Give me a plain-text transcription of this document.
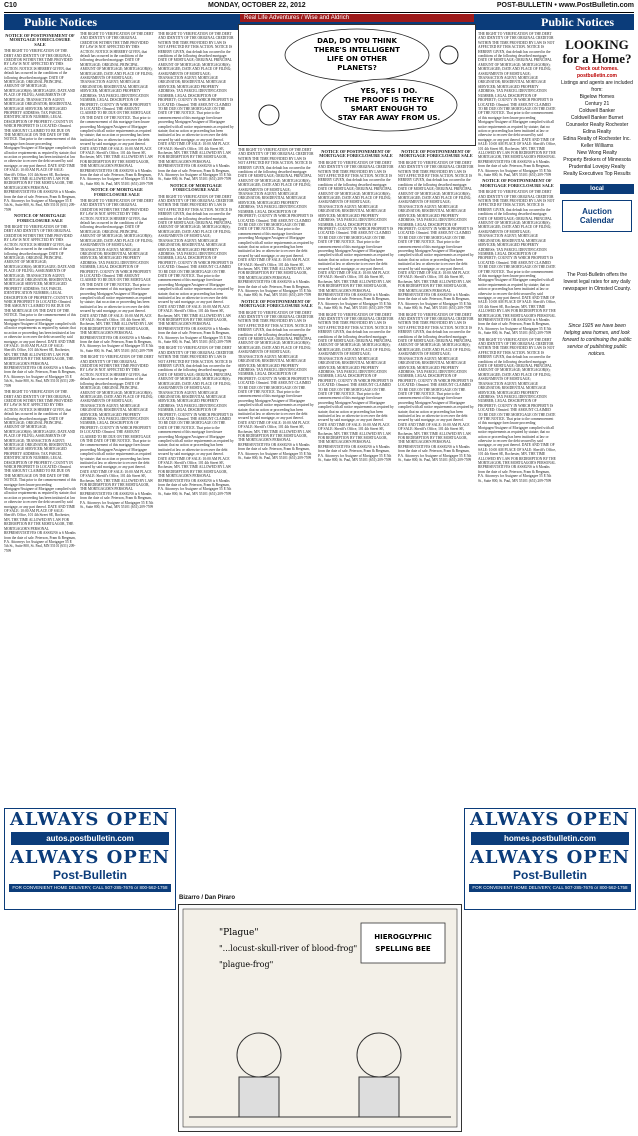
C10	MONDAY, OCTOBER 22, 2012	POST-BULLETIN • www.PostBulletin.com
Public Notices	Public Notices
Real Life Adventures / Wise and Aldrich
DAD, DO YOU THINK
THERE'S INTELLIGENT
LIFE ON OTHER
PLANETS?
YES, YES I DO.
THE PROOF IS THEY'RE
SMART ENOUGH TO
STAY FAR AWAY FROM US.
NOTICE OF POSTPONEMENT OF MORTGAGE FORECLOSURE SALE
THE RIGHT TO VERIFICATION OF THE DEBT AND IDENTITY OF THE ORIGINAL CREDITOR WITHIN THE TIME PROVIDED BY LAW IS NOT AFFECTED BY THIS ACTION. NOTICE IS HEREBY GIVEN, that default has occurred in the conditions of the following described mortgage: DATE OF MORTGAGE; ORIGINAL PRINCIPAL AMOUNT OF MORTGAGE; MORTGAGOR(S); MORTGAGEE; DATE AND PLACE OF FILING; ASSIGNMENTS OF MORTGAGE; TRANSACTION AGENT; MORTGAGE ORIGINATOR; RESIDENTIAL MORTGAGE SERVICER; MORTGAGED PROPERTY ADDRESS; TAX PARCEL IDENTIFICATION NUMBER; LEGAL DESCRIPTION OF PROPERTY; COUNTY IN WHICH PROPERTY IS LOCATED: Olmsted. THE AMOUNT CLAIMED TO BE DUE ON THE MORTGAGE ON THE DATE OF THE NOTICE. That prior to the commencement of this mortgage foreclosure proceeding Mortgagee/Assignee of Mortgagee complied with all notice requirements as required by statute; that no action or proceeding has been instituted at law or otherwise to recover the debt secured by said mortgage, or any part thereof. DATE AND TIME OF SALE: 10:00 AM PLACE OF SALE: Sheriff's Office, 101 4th Street SE, Rochester, MN. THE TIME ALLOWED BY LAW FOR REDEMPTION BY THE MORTGAGOR, THE MORTGAGOR'S PERSONAL REPRESENTATIVES OR ASSIGNS is 6 Months from the date of sale. Peterson, Fram & Bergman, P.A. Attorneys for Assignee of Mortgagee 55 E 5th St., Suite 800, St. Paul, MN 55101 (651) 209-7599
NOTICE OF MORTGAGE FORECLOSURE SALE
THE RIGHT TO VERIFICATION OF THE DEBT AND IDENTITY OF THE ORIGINAL CREDITOR WITHIN THE TIME PROVIDED BY LAW IS NOT AFFECTED BY THIS ACTION. NOTICE IS HEREBY GIVEN, that default has occurred in the conditions of the following described mortgage: DATE OF MORTGAGE; ORIGINAL PRINCIPAL AMOUNT OF MORTGAGE; MORTGAGOR(S); MORTGAGEE; DATE AND PLACE OF FILING; ASSIGNMENTS OF MORTGAGE; TRANSACTION AGENT; MORTGAGE ORIGINATOR; RESIDENTIAL MORTGAGE SERVICER; MORTGAGED PROPERTY ADDRESS; TAX PARCEL IDENTIFICATION NUMBER; LEGAL DESCRIPTION OF PROPERTY; COUNTY IN WHICH PROPERTY IS LOCATED: Olmsted. THE AMOUNT CLAIMED TO BE DUE ON THE MORTGAGE ON THE DATE OF THE NOTICE. That prior to the commencement of this mortgage foreclosure proceeding Mortgagee/Assignee of Mortgagee complied with all notice requirements as required by statute; that no action or proceeding has been instituted at law or otherwise to recover the debt secured by said mortgage, or any part thereof. DATE AND TIME OF SALE: 10:00 AM PLACE OF SALE: Sheriff's Office, 101 4th Street SE, Rochester, MN. THE TIME ALLOWED BY LAW FOR REDEMPTION BY THE MORTGAGOR, THE MORTGAGOR'S PERSONAL REPRESENTATIVES OR ASSIGNS is 6 Months from the date of sale. Peterson, Fram & Bergman, P.A. Attorneys for Assignee of Mortgagee 55 E 5th St., Suite 800, St. Paul, MN 55101 (651) 209-7599
THE RIGHT TO VERIFICATION OF THE DEBT AND IDENTITY OF THE ORIGINAL CREDITOR WITHIN THE TIME PROVIDED BY LAW IS NOT AFFECTED BY THIS ACTION. NOTICE IS HEREBY GIVEN, that default has occurred in the conditions of the following described mortgage: DATE OF MORTGAGE; ORIGINAL PRINCIPAL AMOUNT OF MORTGAGE; MORTGAGOR(S); MORTGAGEE; DATE AND PLACE OF FILING; ASSIGNMENTS OF MORTGAGE; TRANSACTION AGENT; MORTGAGE ORIGINATOR; RESIDENTIAL MORTGAGE SERVICER; MORTGAGED PROPERTY ADDRESS; TAX PARCEL IDENTIFICATION NUMBER; LEGAL DESCRIPTION OF PROPERTY; COUNTY IN WHICH PROPERTY IS LOCATED: Olmsted. THE AMOUNT CLAIMED TO BE DUE ON THE MORTGAGE ON THE DATE OF THE NOTICE. That prior to the commencement of this mortgage foreclosure proceeding Mortgagee/Assignee of Mortgagee complied with all notice requirements as required by statute; that no action or proceeding has been instituted at law or otherwise to recover the debt secured by said mortgage, or any part thereof. DATE AND TIME OF SALE: 10:00 AM PLACE OF SALE: Sheriff's Office, 101 4th Street SE, Rochester, MN. THE TIME ALLOWED BY LAW FOR REDEMPTION BY THE MORTGAGOR, THE MORTGAGOR'S PERSONAL REPRESENTATIVES OR ASSIGNS is 6 Months from the date of sale. Peterson, Fram & Bergman, P.A. Attorneys for Assignee of Mortgagee 55 E 5th St., Suite 800, St. Paul, MN 55101 (651) 209-7599
THE RIGHT TO VERIFICATION OF THE DEBT AND IDENTITY OF THE ORIGINAL CREDITOR WITHIN THE TIME PROVIDED BY LAW IS NOT AFFECTED BY THIS ACTION. NOTICE IS HEREBY GIVEN, that default has occurred in the conditions of the following described mortgage: DATE OF MORTGAGE; ORIGINAL PRINCIPAL AMOUNT OF MORTGAGE; MORTGAGOR(S); MORTGAGEE; DATE AND PLACE OF FILING; ASSIGNMENTS OF MORTGAGE; TRANSACTION AGENT; MORTGAGE ORIGINATOR; RESIDENTIAL MORTGAGE SERVICER; MORTGAGED PROPERTY ADDRESS; TAX PARCEL IDENTIFICATION NUMBER; LEGAL DESCRIPTION OF PROPERTY; COUNTY IN WHICH PROPERTY IS LOCATED: Olmsted. THE AMOUNT CLAIMED TO BE DUE ON THE MORTGAGE ON THE DATE OF THE NOTICE. That prior to the commencement of this mortgage foreclosure proceeding Mortgagee/Assignee of Mortgagee complied with all notice requirements as required by statute; that no action or proceeding has been instituted at law or otherwise to recover the debt secured by said mortgage, or any part thereof. DATE AND TIME OF SALE: 10:00 AM PLACE OF SALE: Sheriff's Office, 101 4th Street SE, Rochester, MN. THE TIME ALLOWED BY LAW FOR REDEMPTION BY THE MORTGAGOR, THE MORTGAGOR'S PERSONAL REPRESENTATIVES OR ASSIGNS is 6 Months from the date of sale. Peterson, Fram & Bergman, P.A. Attorneys for Assignee of Mortgagee 55 E 5th St., Suite 800, St. Paul, MN 55101 (651) 209-7599
NOTICE OF MORTGAGE FORECLOSURE SALE
THE RIGHT TO VERIFICATION OF THE DEBT AND IDENTITY OF THE ORIGINAL CREDITOR WITHIN THE TIME PROVIDED BY LAW IS NOT AFFECTED BY THIS ACTION. NOTICE IS HEREBY GIVEN, that default has occurred in the conditions of the following described mortgage: DATE OF MORTGAGE; ORIGINAL PRINCIPAL AMOUNT OF MORTGAGE; MORTGAGOR(S); MORTGAGEE; DATE AND PLACE OF FILING; ASSIGNMENTS OF MORTGAGE; TRANSACTION AGENT; MORTGAGE ORIGINATOR; RESIDENTIAL MORTGAGE SERVICER; MORTGAGED PROPERTY ADDRESS; TAX PARCEL IDENTIFICATION NUMBER; LEGAL DESCRIPTION OF PROPERTY; COUNTY IN WHICH PROPERTY IS LOCATED: Olmsted. THE AMOUNT CLAIMED TO BE DUE ON THE MORTGAGE ON THE DATE OF THE NOTICE. That prior to the commencement of this mortgage foreclosure proceeding Mortgagee/Assignee of Mortgagee complied with all notice requirements as required by statute; that no action or proceeding has been instituted at law or otherwise to recover the debt secured by said mortgage, or any part thereof. DATE AND TIME OF SALE: 10:00 AM PLACE OF SALE: Sheriff's Office, 101 4th Street SE, Rochester, MN. THE TIME ALLOWED BY LAW FOR REDEMPTION BY THE MORTGAGOR, THE MORTGAGOR'S PERSONAL REPRESENTATIVES OR ASSIGNS is 6 Months from the date of sale. Peterson, Fram & Bergman, P.A. Attorneys for Assignee of Mortgagee 55 E 5th St., Suite 800, St. Paul, MN 55101 (651) 209-7599
THE RIGHT TO VERIFICATION OF THE DEBT AND IDENTITY OF THE ORIGINAL CREDITOR WITHIN THE TIME PROVIDED BY LAW IS NOT AFFECTED BY THIS ACTION. NOTICE IS HEREBY GIVEN, that default has occurred in the conditions of the following described mortgage: DATE OF MORTGAGE; ORIGINAL PRINCIPAL AMOUNT OF MORTGAGE; MORTGAGOR(S); MORTGAGEE; DATE AND PLACE OF FILING; ASSIGNMENTS OF MORTGAGE; TRANSACTION AGENT; MORTGAGE ORIGINATOR; RESIDENTIAL MORTGAGE SERVICER; MORTGAGED PROPERTY ADDRESS; TAX PARCEL IDENTIFICATION NUMBER; LEGAL DESCRIPTION OF PROPERTY; COUNTY IN WHICH PROPERTY IS LOCATED: Olmsted. THE AMOUNT CLAIMED TO BE DUE ON THE MORTGAGE ON THE DATE OF THE NOTICE. That prior to the commencement of this mortgage foreclosure proceeding Mortgagee/Assignee of Mortgagee complied with all notice requirements as required by statute; that no action or proceeding has been instituted at law or otherwise to recover the debt secured by said mortgage, or any part thereof. DATE AND TIME OF SALE: 10:00 AM PLACE OF SALE: Sheriff's Office, 101 4th Street SE, Rochester, MN. THE TIME ALLOWED BY LAW FOR REDEMPTION BY THE MORTGAGOR, THE MORTGAGOR'S PERSONAL REPRESENTATIVES OR ASSIGNS is 6 Months from the date of sale. Peterson, Fram & Bergman, P.A. Attorneys for Assignee of Mortgagee 55 E 5th St., Suite 800, St. Paul, MN 55101 (651) 209-7599
THE RIGHT TO VERIFICATION OF THE DEBT AND IDENTITY OF THE ORIGINAL CREDITOR WITHIN THE TIME PROVIDED BY LAW IS NOT AFFECTED BY THIS ACTION. NOTICE IS HEREBY GIVEN, that default has occurred in the conditions of the following described mortgage: DATE OF MORTGAGE; ORIGINAL PRINCIPAL AMOUNT OF MORTGAGE; MORTGAGOR(S); MORTGAGEE; DATE AND PLACE OF FILING; ASSIGNMENTS OF MORTGAGE; TRANSACTION AGENT; MORTGAGE ORIGINATOR; RESIDENTIAL MORTGAGE SERVICER; MORTGAGED PROPERTY ADDRESS; TAX PARCEL IDENTIFICATION NUMBER; LEGAL DESCRIPTION OF PROPERTY; COUNTY IN WHICH PROPERTY IS LOCATED: Olmsted. THE AMOUNT CLAIMED TO BE DUE ON THE MORTGAGE ON THE DATE OF THE NOTICE. That prior to the commencement of this mortgage foreclosure proceeding Mortgagee/Assignee of Mortgagee complied with all notice requirements as required by statute; that no action or proceeding has been instituted at law or otherwise to recover the debt secured by said mortgage, or any part thereof. DATE AND TIME OF SALE: 10:00 AM PLACE OF SALE: Sheriff's Office, 101 4th Street SE, Rochester, MN. THE TIME ALLOWED BY LAW FOR REDEMPTION BY THE MORTGAGOR, THE MORTGAGOR'S PERSONAL REPRESENTATIVES OR ASSIGNS is 6 Months from the date of sale. Peterson, Fram & Bergman, P.A. Attorneys for Assignee of Mortgagee 55 E 5th St., Suite 800, St. Paul, MN 55101 (651) 209-7599
NOTICE OF MORTGAGE FORECLOSURE SALE
THE RIGHT TO VERIFICATION OF THE DEBT AND IDENTITY OF THE ORIGINAL CREDITOR WITHIN THE TIME PROVIDED BY LAW IS NOT AFFECTED BY THIS ACTION. NOTICE IS HEREBY GIVEN, that default has occurred in the conditions of the following described mortgage: DATE OF MORTGAGE; ORIGINAL PRINCIPAL AMOUNT OF MORTGAGE; MORTGAGOR(S); MORTGAGEE; DATE AND PLACE OF FILING; ASSIGNMENTS OF MORTGAGE; TRANSACTION AGENT; MORTGAGE ORIGINATOR; RESIDENTIAL MORTGAGE SERVICER; MORTGAGED PROPERTY ADDRESS; TAX PARCEL IDENTIFICATION NUMBER; LEGAL DESCRIPTION OF PROPERTY; COUNTY IN WHICH PROPERTY IS LOCATED: Olmsted. THE AMOUNT CLAIMED TO BE DUE ON THE MORTGAGE ON THE DATE OF THE NOTICE. That prior to the commencement of this mortgage foreclosure proceeding Mortgagee/Assignee of Mortgagee complied with all notice requirements as required by statute; that no action or proceeding has been instituted at law or otherwise to recover the debt secured by said mortgage, or any part thereof. DATE AND TIME OF SALE: 10:00 AM PLACE OF SALE: Sheriff's Office, 101 4th Street SE, Rochester, MN. THE TIME ALLOWED BY LAW FOR REDEMPTION BY THE MORTGAGOR, THE MORTGAGOR'S PERSONAL REPRESENTATIVES OR ASSIGNS is 6 Months from the date of sale. Peterson, Fram & Bergman, P.A. Attorneys for Assignee of Mortgagee 55 E 5th St., Suite 800, St. Paul, MN 55101 (651) 209-7599
THE RIGHT TO VERIFICATION OF THE DEBT AND IDENTITY OF THE ORIGINAL CREDITOR WITHIN THE TIME PROVIDED BY LAW IS NOT AFFECTED BY THIS ACTION. NOTICE IS HEREBY GIVEN, that default has occurred in the conditions of the following described mortgage: DATE OF MORTGAGE; ORIGINAL PRINCIPAL AMOUNT OF MORTGAGE; MORTGAGOR(S); MORTGAGEE; DATE AND PLACE OF FILING; ASSIGNMENTS OF MORTGAGE; TRANSACTION AGENT; MORTGAGE ORIGINATOR; RESIDENTIAL MORTGAGE SERVICER; MORTGAGED PROPERTY ADDRESS; TAX PARCEL IDENTIFICATION NUMBER; LEGAL DESCRIPTION OF PROPERTY; COUNTY IN WHICH PROPERTY IS LOCATED: Olmsted. THE AMOUNT CLAIMED TO BE DUE ON THE MORTGAGE ON THE DATE OF THE NOTICE. That prior to the commencement of this mortgage foreclosure proceeding Mortgagee/Assignee of Mortgagee complied with all notice requirements as required by statute; that no action or proceeding has been instituted at law or otherwise to recover the debt secured by said mortgage, or any part thereof. DATE AND TIME OF SALE: 10:00 AM PLACE OF SALE: Sheriff's Office, 101 4th Street SE, Rochester, MN. THE TIME ALLOWED BY LAW FOR REDEMPTION BY THE MORTGAGOR, THE MORTGAGOR'S PERSONAL REPRESENTATIVES OR ASSIGNS is 6 Months from the date of sale. Peterson, Fram & Bergman, P.A. Attorneys for Assignee of Mortgagee 55 E 5th St., Suite 800, St. Paul, MN 55101 (651) 209-7599
THE RIGHT TO VERIFICATION OF THE DEBT AND IDENTITY OF THE ORIGINAL CREDITOR WITHIN THE TIME PROVIDED BY LAW IS NOT AFFECTED BY THIS ACTION. NOTICE IS HEREBY GIVEN, that default has occurred in the conditions of the following described mortgage: DATE OF MORTGAGE; ORIGINAL PRINCIPAL AMOUNT OF MORTGAGE; MORTGAGOR(S); MORTGAGEE; DATE AND PLACE OF FILING; ASSIGNMENTS OF MORTGAGE; TRANSACTION AGENT; MORTGAGE ORIGINATOR; RESIDENTIAL MORTGAGE SERVICER; MORTGAGED PROPERTY ADDRESS; TAX PARCEL IDENTIFICATION NUMBER; LEGAL DESCRIPTION OF PROPERTY; COUNTY IN WHICH PROPERTY IS LOCATED: Olmsted. THE AMOUNT CLAIMED TO BE DUE ON THE MORTGAGE ON THE DATE OF THE NOTICE. That prior to the commencement of this mortgage foreclosure proceeding Mortgagee/Assignee of Mortgagee complied with all notice requirements as required by statute; that no action or proceeding has been instituted at law or otherwise to recover the debt secured by said mortgage, or any part thereof. DATE AND TIME OF SALE: 10:00 AM PLACE OF SALE: Sheriff's Office, 101 4th Street SE, Rochester, MN. THE TIME ALLOWED BY LAW FOR REDEMPTION BY THE MORTGAGOR, THE MORTGAGOR'S PERSONAL REPRESENTATIVES OR ASSIGNS is 6 Months from the date of sale. Peterson, Fram & Bergman, P.A. Attorneys for Assignee of Mortgagee 55 E 5th St., Suite 800, St. Paul, MN 55101 (651) 209-7599
NOTICE OF POSTPONEMENT OF MORTGAGE FORECLOSURE SALE
THE RIGHT TO VERIFICATION OF THE DEBT AND IDENTITY OF THE ORIGINAL CREDITOR WITHIN THE TIME PROVIDED BY LAW IS NOT AFFECTED BY THIS ACTION. NOTICE IS HEREBY GIVEN, that default has occurred in the conditions of the following described mortgage: DATE OF MORTGAGE; ORIGINAL PRINCIPAL AMOUNT OF MORTGAGE; MORTGAGOR(S); MORTGAGEE; DATE AND PLACE OF FILING; ASSIGNMENTS OF MORTGAGE; TRANSACTION AGENT; MORTGAGE ORIGINATOR; RESIDENTIAL MORTGAGE SERVICER; MORTGAGED PROPERTY ADDRESS; TAX PARCEL IDENTIFICATION NUMBER; LEGAL DESCRIPTION OF PROPERTY; COUNTY IN WHICH PROPERTY IS LOCATED: Olmsted. THE AMOUNT CLAIMED TO BE DUE ON THE MORTGAGE ON THE DATE OF THE NOTICE. That prior to the commencement of this mortgage foreclosure proceeding Mortgagee/Assignee of Mortgagee complied with all notice requirements as required by statute; that no action or proceeding has been instituted at law or otherwise to recover the debt secured by said mortgage, or any part thereof. DATE AND TIME OF SALE: 10:00 AM PLACE OF SALE: Sheriff's Office, 101 4th Street SE, Rochester, MN. THE TIME ALLOWED BY LAW FOR REDEMPTION BY THE MORTGAGOR, THE MORTGAGOR'S PERSONAL REPRESENTATIVES OR ASSIGNS is 6 Months from the date of sale. Peterson, Fram & Bergman, P.A. Attorneys for Assignee of Mortgagee 55 E 5th St., Suite 800, St. Paul, MN 55101 (651) 209-7599
NOTICE OF POSTPONEMENT OF MORTGAGE FORECLOSURE SALE
THE RIGHT TO VERIFICATION OF THE DEBT AND IDENTITY OF THE ORIGINAL CREDITOR WITHIN THE TIME PROVIDED BY LAW IS NOT AFFECTED BY THIS ACTION. NOTICE IS HEREBY GIVEN, that default has occurred in the conditions of the following described mortgage: DATE OF MORTGAGE; ORIGINAL PRINCIPAL AMOUNT OF MORTGAGE; MORTGAGOR(S); MORTGAGEE; DATE AND PLACE OF FILING; ASSIGNMENTS OF MORTGAGE; TRANSACTION AGENT; MORTGAGE ORIGINATOR; RESIDENTIAL MORTGAGE SERVICER; MORTGAGED PROPERTY ADDRESS; TAX PARCEL IDENTIFICATION NUMBER; LEGAL DESCRIPTION OF PROPERTY; COUNTY IN WHICH PROPERTY IS LOCATED: Olmsted. THE AMOUNT CLAIMED TO BE DUE ON THE MORTGAGE ON THE DATE OF THE NOTICE. That prior to the commencement of this mortgage foreclosure proceeding Mortgagee/Assignee of Mortgagee complied with all notice requirements as required by statute; that no action or proceeding has been instituted at law or otherwise to recover the debt secured by said mortgage, or any part thereof. DATE AND TIME OF SALE: 10:00 AM PLACE OF SALE: Sheriff's Office, 101 4th Street SE, Rochester, MN. THE TIME ALLOWED BY LAW FOR REDEMPTION BY THE MORTGAGOR, THE MORTGAGOR'S PERSONAL REPRESENTATIVES OR ASSIGNS is 6 Months from the date of sale. Peterson, Fram & Bergman, P.A. Attorneys for Assignee of Mortgagee 55 E 5th St., Suite 800, St. Paul, MN 55101 (651) 209-7599
THE RIGHT TO VERIFICATION OF THE DEBT AND IDENTITY OF THE ORIGINAL CREDITOR WITHIN THE TIME PROVIDED BY LAW IS NOT AFFECTED BY THIS ACTION. NOTICE IS HEREBY GIVEN, that default has occurred in the conditions of the following described mortgage: DATE OF MORTGAGE; ORIGINAL PRINCIPAL AMOUNT OF MORTGAGE; MORTGAGOR(S); MORTGAGEE; DATE AND PLACE OF FILING; ASSIGNMENTS OF MORTGAGE; TRANSACTION AGENT; MORTGAGE ORIGINATOR; RESIDENTIAL MORTGAGE SERVICER; MORTGAGED PROPERTY ADDRESS; TAX PARCEL IDENTIFICATION NUMBER; LEGAL DESCRIPTION OF PROPERTY; COUNTY IN WHICH PROPERTY IS LOCATED: Olmsted. THE AMOUNT CLAIMED TO BE DUE ON THE MORTGAGE ON THE DATE OF THE NOTICE. That prior to the commencement of this mortgage foreclosure proceeding Mortgagee/Assignee of Mortgagee complied with all notice requirements as required by statute; that no action or proceeding has been instituted at law or otherwise to recover the debt secured by said mortgage, or any part thereof. DATE AND TIME OF SALE: 10:00 AM PLACE OF SALE: Sheriff's Office, 101 4th Street SE, Rochester, MN. THE TIME ALLOWED BY LAW FOR REDEMPTION BY THE MORTGAGOR, THE MORTGAGOR'S PERSONAL REPRESENTATIVES OR ASSIGNS is 6 Months from the date of sale. Peterson, Fram & Bergman, P.A. Attorneys for Assignee of Mortgagee 55 E 5th St., Suite 800, St. Paul, MN 55101 (651) 209-7599
NOTICE OF POSTPONEMENT OF MORTGAGE FORECLOSURE SALE
THE RIGHT TO VERIFICATION OF THE DEBT AND IDENTITY OF THE ORIGINAL CREDITOR WITHIN THE TIME PROVIDED BY LAW IS NOT AFFECTED BY THIS ACTION. NOTICE IS HEREBY GIVEN, that default has occurred in the conditions of the following described mortgage: DATE OF MORTGAGE; ORIGINAL PRINCIPAL AMOUNT OF MORTGAGE; MORTGAGOR(S); MORTGAGEE; DATE AND PLACE OF FILING; ASSIGNMENTS OF MORTGAGE; TRANSACTION AGENT; MORTGAGE ORIGINATOR; RESIDENTIAL MORTGAGE SERVICER; MORTGAGED PROPERTY ADDRESS; TAX PARCEL IDENTIFICATION NUMBER; LEGAL DESCRIPTION OF PROPERTY; COUNTY IN WHICH PROPERTY IS LOCATED: Olmsted. THE AMOUNT CLAIMED TO BE DUE ON THE MORTGAGE ON THE DATE OF THE NOTICE. That prior to the commencement of this mortgage foreclosure proceeding Mortgagee/Assignee of Mortgagee complied with all notice requirements as required by statute; that no action or proceeding has been instituted at law or otherwise to recover the debt secured by said mortgage, or any part thereof. DATE AND TIME OF SALE: 10:00 AM PLACE OF SALE: Sheriff's Office, 101 4th Street SE, Rochester, MN. THE TIME ALLOWED BY LAW FOR REDEMPTION BY THE MORTGAGOR, THE MORTGAGOR'S PERSONAL REPRESENTATIVES OR ASSIGNS is 6 Months from the date of sale. Peterson, Fram & Bergman, P.A. Attorneys for Assignee of Mortgagee 55 E 5th St., Suite 800, St. Paul, MN 55101 (651) 209-7599
THE RIGHT TO VERIFICATION OF THE DEBT AND IDENTITY OF THE ORIGINAL CREDITOR WITHIN THE TIME PROVIDED BY LAW IS NOT AFFECTED BY THIS ACTION. NOTICE IS HEREBY GIVEN, that default has occurred in the conditions of the following described mortgage: DATE OF MORTGAGE; ORIGINAL PRINCIPAL AMOUNT OF MORTGAGE; MORTGAGOR(S); MORTGAGEE; DATE AND PLACE OF FILING; ASSIGNMENTS OF MORTGAGE; TRANSACTION AGENT; MORTGAGE ORIGINATOR; RESIDENTIAL MORTGAGE SERVICER; MORTGAGED PROPERTY ADDRESS; TAX PARCEL IDENTIFICATION NUMBER; LEGAL DESCRIPTION OF PROPERTY; COUNTY IN WHICH PROPERTY IS LOCATED: Olmsted. THE AMOUNT CLAIMED TO BE DUE ON THE MORTGAGE ON THE DATE OF THE NOTICE. That prior to the commencement of this mortgage foreclosure proceeding Mortgagee/Assignee of Mortgagee complied with all notice requirements as required by statute; that no action or proceeding has been instituted at law or otherwise to recover the debt secured by said mortgage, or any part thereof. DATE AND TIME OF SALE: 10:00 AM PLACE OF SALE: Sheriff's Office, 101 4th Street SE, Rochester, MN. THE TIME ALLOWED BY LAW FOR REDEMPTION BY THE MORTGAGOR, THE MORTGAGOR'S PERSONAL REPRESENTATIVES OR ASSIGNS is 6 Months from the date of sale. Peterson, Fram & Bergman, P.A. Attorneys for Assignee of Mortgagee 55 E 5th St., Suite 800, St. Paul, MN 55101 (651) 209-7599
THE RIGHT TO VERIFICATION OF THE DEBT AND IDENTITY OF THE ORIGINAL CREDITOR WITHIN THE TIME PROVIDED BY LAW IS NOT AFFECTED BY THIS ACTION. NOTICE IS HEREBY GIVEN, that default has occurred in the conditions of the following described mortgage: DATE OF MORTGAGE; ORIGINAL PRINCIPAL AMOUNT OF MORTGAGE; MORTGAGOR(S); MORTGAGEE; DATE AND PLACE OF FILING; ASSIGNMENTS OF MORTGAGE; TRANSACTION AGENT; MORTGAGE ORIGINATOR; RESIDENTIAL MORTGAGE SERVICER; MORTGAGED PROPERTY ADDRESS; TAX PARCEL IDENTIFICATION NUMBER; LEGAL DESCRIPTION OF PROPERTY; COUNTY IN WHICH PROPERTY IS LOCATED: Olmsted. THE AMOUNT CLAIMED TO BE DUE ON THE MORTGAGE ON THE DATE OF THE NOTICE. That prior to the commencement of this mortgage foreclosure proceeding Mortgagee/Assignee of Mortgagee complied with all notice requirements as required by statute; that no action or proceeding has been instituted at law or otherwise to recover the debt secured by said mortgage, or any part thereof. DATE AND TIME OF SALE: 10:00 AM PLACE OF SALE: Sheriff's Office, 101 4th Street SE, Rochester, MN. THE TIME ALLOWED BY LAW FOR REDEMPTION BY THE MORTGAGOR, THE MORTGAGOR'S PERSONAL REPRESENTATIVES OR ASSIGNS is 6 Months from the date of sale. Peterson, Fram & Bergman, P.A. Attorneys for Assignee of Mortgagee 55 E 5th St., Suite 800, St. Paul, MN 55101 (651) 209-7599
NOTICE OF POSTPONEMENT OF MORTGAGE FORECLOSURE SALE
THE RIGHT TO VERIFICATION OF THE DEBT AND IDENTITY OF THE ORIGINAL CREDITOR WITHIN THE TIME PROVIDED BY LAW IS NOT AFFECTED BY THIS ACTION. NOTICE IS HEREBY GIVEN, that default has occurred in the conditions of the following described mortgage: DATE OF MORTGAGE; ORIGINAL PRINCIPAL AMOUNT OF MORTGAGE; MORTGAGOR(S); MORTGAGEE; DATE AND PLACE OF FILING; ASSIGNMENTS OF MORTGAGE; TRANSACTION AGENT; MORTGAGE ORIGINATOR; RESIDENTIAL MORTGAGE SERVICER; MORTGAGED PROPERTY ADDRESS; TAX PARCEL IDENTIFICATION NUMBER; LEGAL DESCRIPTION OF PROPERTY; COUNTY IN WHICH PROPERTY IS LOCATED: Olmsted. THE AMOUNT CLAIMED TO BE DUE ON THE MORTGAGE ON THE DATE OF THE NOTICE. That prior to the commencement of this mortgage foreclosure proceeding Mortgagee/Assignee of Mortgagee complied with all notice requirements as required by statute; that no action or proceeding has been instituted at law or otherwise to recover the debt secured by said mortgage, or any part thereof. DATE AND TIME OF SALE: 10:00 AM PLACE OF SALE: Sheriff's Office, 101 4th Street SE, Rochester, MN. THE TIME ALLOWED BY LAW FOR REDEMPTION BY THE MORTGAGOR, THE MORTGAGOR'S PERSONAL REPRESENTATIVES OR ASSIGNS is 6 Months from the date of sale. Peterson, Fram & Bergman, P.A. Attorneys for Assignee of Mortgagee 55 E 5th St., Suite 800, St. Paul, MN 55101 (651) 209-7599
THE RIGHT TO VERIFICATION OF THE DEBT AND IDENTITY OF THE ORIGINAL CREDITOR WITHIN THE TIME PROVIDED BY LAW IS NOT AFFECTED BY THIS ACTION. NOTICE IS HEREBY GIVEN, that default has occurred in the conditions of the following described mortgage: DATE OF MORTGAGE; ORIGINAL PRINCIPAL AMOUNT OF MORTGAGE; MORTGAGOR(S); MORTGAGEE; DATE AND PLACE OF FILING; ASSIGNMENTS OF MORTGAGE; TRANSACTION AGENT; MORTGAGE ORIGINATOR; RESIDENTIAL MORTGAGE SERVICER; MORTGAGED PROPERTY ADDRESS; TAX PARCEL IDENTIFICATION NUMBER; LEGAL DESCRIPTION OF PROPERTY; COUNTY IN WHICH PROPERTY IS LOCATED: Olmsted. THE AMOUNT CLAIMED TO BE DUE ON THE MORTGAGE ON THE DATE OF THE NOTICE. That prior to the commencement of this mortgage foreclosure proceeding Mortgagee/Assignee of Mortgagee complied with all notice requirements as required by statute; that no action or proceeding has been instituted at law or otherwise to recover the debt secured by said mortgage, or any part thereof. DATE AND TIME OF SALE: 10:00 AM PLACE OF SALE: Sheriff's Office, 101 4th Street SE, Rochester, MN. THE TIME ALLOWED BY LAW FOR REDEMPTION BY THE MORTGAGOR, THE MORTGAGOR'S PERSONAL REPRESENTATIVES OR ASSIGNS is 6 Months from the date of sale. Peterson, Fram & Bergman, P.A. Attorneys for Assignee of Mortgagee 55 E 5th St., Suite 800, St. Paul, MN 55101 (651) 209-7599
LOOKING for a Home?
Check out homes. postbulletin.com
Listings and agents are included from:
Bigelow Homes
Century 21
Coldwell Banker
Coldwell Banker Burnet
Counselor Realty Rochester
Edina Realty
Edina Realty of Rochester Inc.
Keller Williams
New Wong Realty
Property Brokers of Minnesota
Prudential Lovejoy Realty
Realty Executives Top Results
local
Auction Calendar
The Post-Bulletin offers the lowest legal rates for any daily newspaper in Olmsted County.
Since 1925 we have been helping area homes, and look forward to continuing the public service of publishing public notices.
ALWAYS OPEN
autos.postbulletin.com
ALWAYS OPEN
Post-Bulletin
FOR CONVENIENT HOME DELIVERY, CALL 507-285-7676 or 800-562-1758
ALWAYS OPEN
homes.postbulletin.com
ALWAYS OPEN
Post-Bulletin
FOR CONVENIENT HOME DELIVERY, CALL 507-285-7676 or 800-562-1758
Bizarro / Dan Piraro
"Plague"
"...locust-skull-river of blood-frog"
"plague-frog"
HIEROGLYPHIC
SPELLING BEE
